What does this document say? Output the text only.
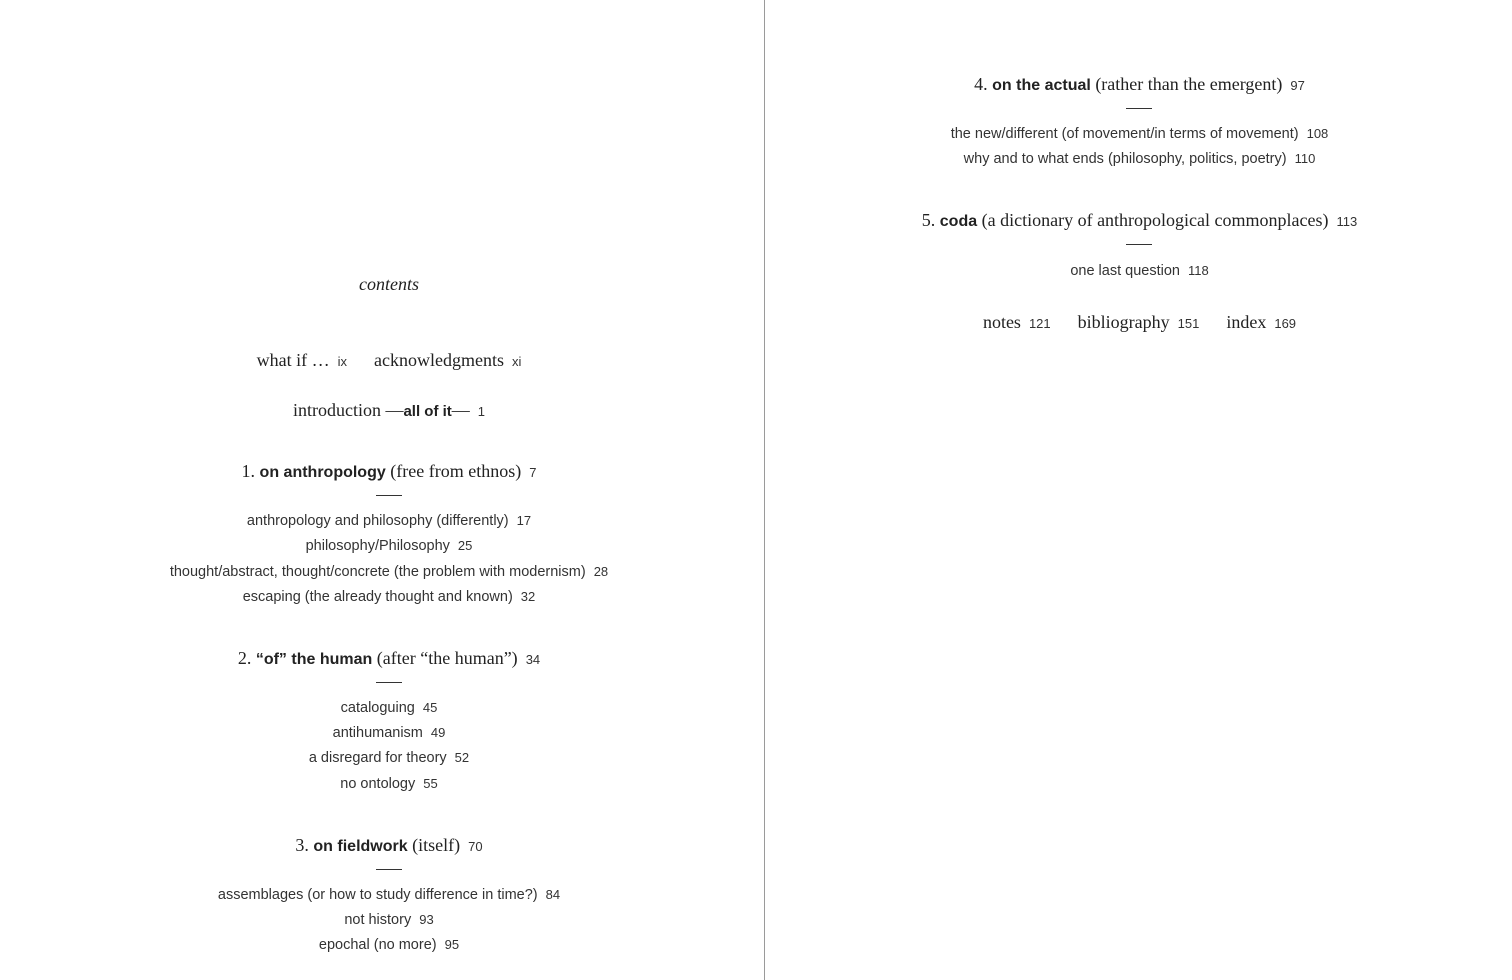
contents
what if … ix acknowledgments xi
introduction —all of it— 1
1. on anthropology (free from ethnos) 7
anthropology and philosophy (differently) 17
philosophy/Philosophy 25
thought/abstract, thought/concrete (the problem with modernism) 28
escaping (the already thought and known) 32
2. “of” the human (after “the human”) 34
cataloguing 45
antihumanism 49
a disregard for theory 52
no ontology 55
3. on fieldwork (itself) 70
assemblages (or how to study difference in time?) 84
not history 93
epochal (no more) 95
4. on the actual (rather than the emergent) 97
the new/different (of movement/in terms of movement) 108
why and to what ends (philosophy, politics, poetry) 110
5. coda (a dictionary of anthropological commonplaces) 113
one last question 118
notes 121 bibliography 151 index 169
